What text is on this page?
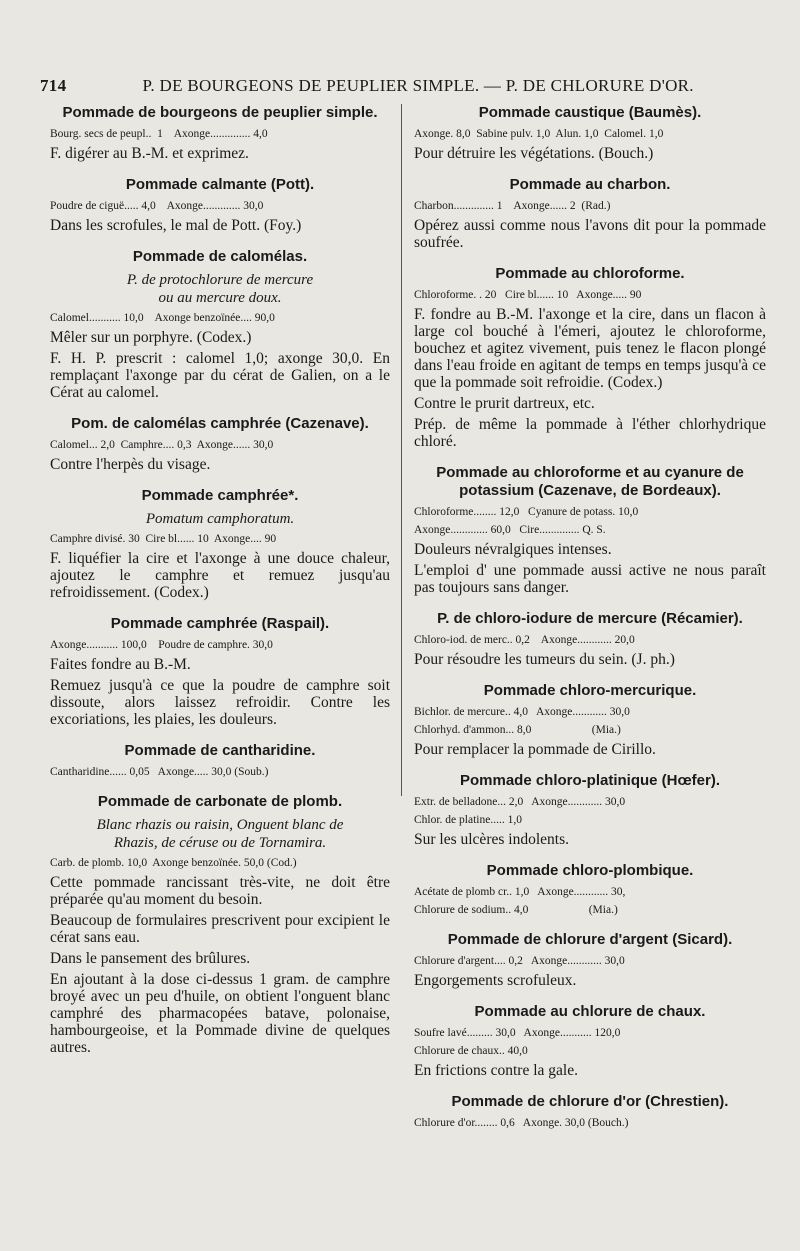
714	P. DE BOURGEONS DE PEUPLIER SIMPLE. — P. DE CHLORURE D'OR.
Pommade de bourgeons de peuplier simple.
Bourg. secs de peupl..  1    Axonge.............. 4,0
F. digérer au B.-M. et exprimez.
Pommade calmante (Pott).
Poudre de ciguë..... 4,0    Axonge............. 30,0
Dans les scrofules, le mal de Pott. (Foy.)
Pommade de calomélas.
P. de protochlorure de mercure
ou au mercure doux.
Calomel........... 10,0    Axonge benzoïnée.... 90,0
Mêler sur un porphyre. (Codex.)
F. H. P. prescrit : calomel 1,0; axonge 30,0. En remplaçant l'axonge par du cérat de Galien, on a le Cérat au calomel.
Pom. de calomélas camphrée (Cazenave).
Calomel... 2,0  Camphre.... 0,3  Axonge...... 30,0
Contre l'herpès du visage.
Pommade camphrée*.
Pomatum camphoratum.
Camphre divisé. 30  Cire bl...... 10  Axonge.... 90
F. liquéfier la cire et l'axonge à une douce chaleur, ajoutez le camphre et remuez jusqu'au refroidissement. (Codex.)
Pommade camphrée (Raspail).
Axonge........... 100,0    Poudre de camphre. 30,0
Faites fondre au B.-M.
Remuez jusqu'à ce que la poudre de camphre soit dissoute, alors laissez refroidir. Contre les excoriations, les plaies, les douleurs.
Pommade de cantharidine.
Cantharidine...... 0,05   Axonge..... 30,0 (Soub.)
Pommade de carbonate de plomb.
Blanc rhazis ou raisin, Onguent blanc de
Rhazis, de céruse ou de Tornamira.
Carb. de plomb. 10,0  Axonge benzoïnée. 50,0 (Cod.)
Cette pommade rancissant très-vite, ne doit être préparée qu'au moment du besoin.
Beaucoup de formulaires prescrivent pour excipient le cérat sans eau.
Dans le pansement des brûlures.
En ajoutant à la dose ci-dessus 1 gram. de camphre broyé avec un peu d'huile, on obtient l'onguent blanc camphré des pharmacopées batave, polonaise, hambourgeoise, et la Pommade divine de quelques autres.
Pommade caustique (Baumès).
Axonge. 8,0  Sabine pulv. 1,0  Alun. 1,0  Calomel. 1,0
Pour détruire les végétations. (Bouch.)
Pommade au charbon.
Charbon.............. 1    Axonge...... 2  (Rad.)
Opérez aussi comme nous l'avons dit pour la pommade soufrée.
Pommade au chloroforme.
Chloroforme. . 20   Cire bl...... 10   Axonge..... 90
F. fondre au B.-M. l'axonge et la cire, dans un flacon à large col bouché à l'émeri, ajoutez le chloroforme, bouchez et agitez vivement, puis tenez le flacon plongé dans l'eau froide en agitant de temps en temps jusqu'à ce que la pommade soit refroidie. (Codex.)
Contre le prurit dartreux, etc.
Prép. de même la pommade à l'éther chlorhydrique chloré.
Pommade au chloroforme et au cyanure de potassium (Cazenave, de Bordeaux).
Chloroforme........ 12,0   Cyanure de potass. 10,0
Axonge............. 60,0   Cire.............. Q. S.
Douleurs névralgiques intenses.
L'emploi d' une pommade aussi active ne nous paraît pas toujours sans danger.
P. de chloro-iodure de mercure (Récamier).
Chloro-iod. de merc.. 0,2    Axonge............ 20,0
Pour résoudre les tumeurs du sein. (J. ph.)
Pommade chloro-mercurique.
Bichlor. de mercure.. 4,0   Axonge............ 30,0
Chlorhyd. d'ammon... 8,0                     (Mia.)
Pour remplacer la pommade de Cirillo.
Pommade chloro-platinique (Hœfer).
Extr. de belladone... 2,0   Axonge............ 30,0
Chlor. de platine..... 1,0
Sur les ulcères indolents.
Pommade chloro-plombique.
Acétate de plomb cr.. 1,0   Axonge............ 30,
Chlorure de sodium.. 4,0                     (Mia.)
Pommade de chlorure d'argent (Sicard).
Chlorure d'argent.... 0,2   Axonge............ 30,0
Engorgements scrofuleux.
Pommade au chlorure de chaux.
Soufre lavé......... 30,0   Axonge........... 120,0
Chlorure de chaux.. 40,0
En frictions contre la gale.
Pommade de chlorure d'or (Chrestien).
Chlorure d'or........ 0,6   Axonge. 30,0 (Bouch.)
